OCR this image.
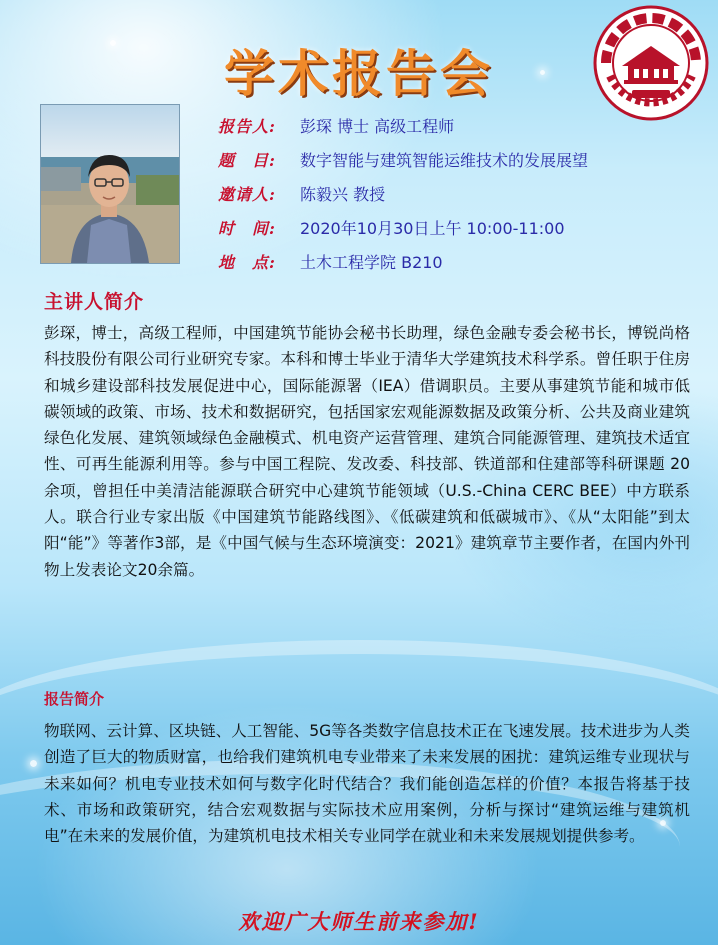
学术报告会
报告人:	彭琛 博士 高级工程师
题　目:	数字智能与建筑智能运维技术的发展展望
邀请人:	陈毅兴 教授
时　间:	2020年10月30日上午 10:00-11:00
地　点:	土木工程学院 B210
主讲人简介

彭琛，博士，高级工程师，中国建筑节能协会秘书长助理，绿色金融专委会秘书长，博锐尚格科技股份有限公司行业研究专家。本科和博士毕业于清华大学建筑技术科学系。曾任职于住房和城乡建设部科技发展促进中心，国际能源署（IEA）借调职员。主要从事建筑节能和城市低碳领域的政策、市场、技术和数据研究，包括国家宏观能源数据及政策分析、公共及商业建筑绿色化发展、建筑领域绿色金融模式、机电资产运营管理、建筑合同能源管理、建筑技术适宜性、可再生能源利用等。参与中国工程院、发改委、科技部、铁道部和住建部等科研课题 20 余项，曾担任中美清洁能源联合研究中心建筑节能领域（U.S.-China CERC BEE）中方联系人。联合行业专家出版《中国建筑节能路线图》、《低碳建筑和低碳城市》、《从“太阳能”到太阳“能”》等著作3部，是《中国气候与生态环境演变：2021》建筑章节主要作者，在国内外刊物上发表论文20余篇。

报告简介

物联网、云计算、区块链、人工智能、5G等各类数字信息技术正在飞速发展。技术进步为人类创造了巨大的物质财富，也给我们建筑机电专业带来了未来发展的困扰：建筑运维专业现状与未来如何？机电专业技术如何与数字化时代结合？我们能创造怎样的价值？本报告将基于技术、市场和政策研究，结合宏观数据与实际技术应用案例，分析与探讨“建筑运维与建筑机电”在未来的发展价值，为建筑机电技术相关专业同学在就业和未来发展规划提供参考。

欢迎广大师生前来参加!
